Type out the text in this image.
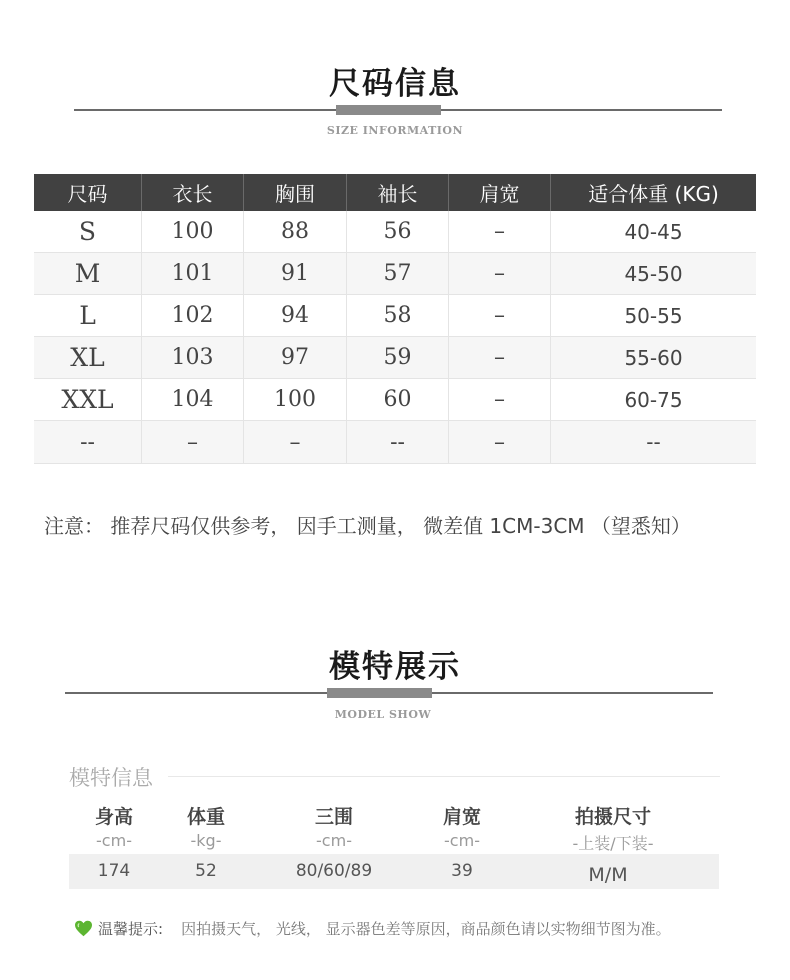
尺码信息
SIZE INFORMATION
尺码	衣长	胸围	袖长	肩宽	适合体重 (KG)
S	100	88	56	–	40-45
M	101	91	57	–	45-50
L	102	94	58	–	50-55
XL	103	97	59	–	55-60
XXL	104	100	60	–	60-75
--	–	–	--	–	--
注意： 推荐尺码仅供参考， 因手工测量， 微差值 1CM-3CM （望悉知）
模特展示
MODEL SHOW
模特信息
身高	体重	三围	肩宽	拍摄尺寸
-cm-	-kg-	-cm-	-cm-	-上装/下装-
174	52	80/60/89	39	M/M
温馨提示: 因拍摄天气， 光线， 显示器色差等原因，商品颜色请以实物细节图为准。
